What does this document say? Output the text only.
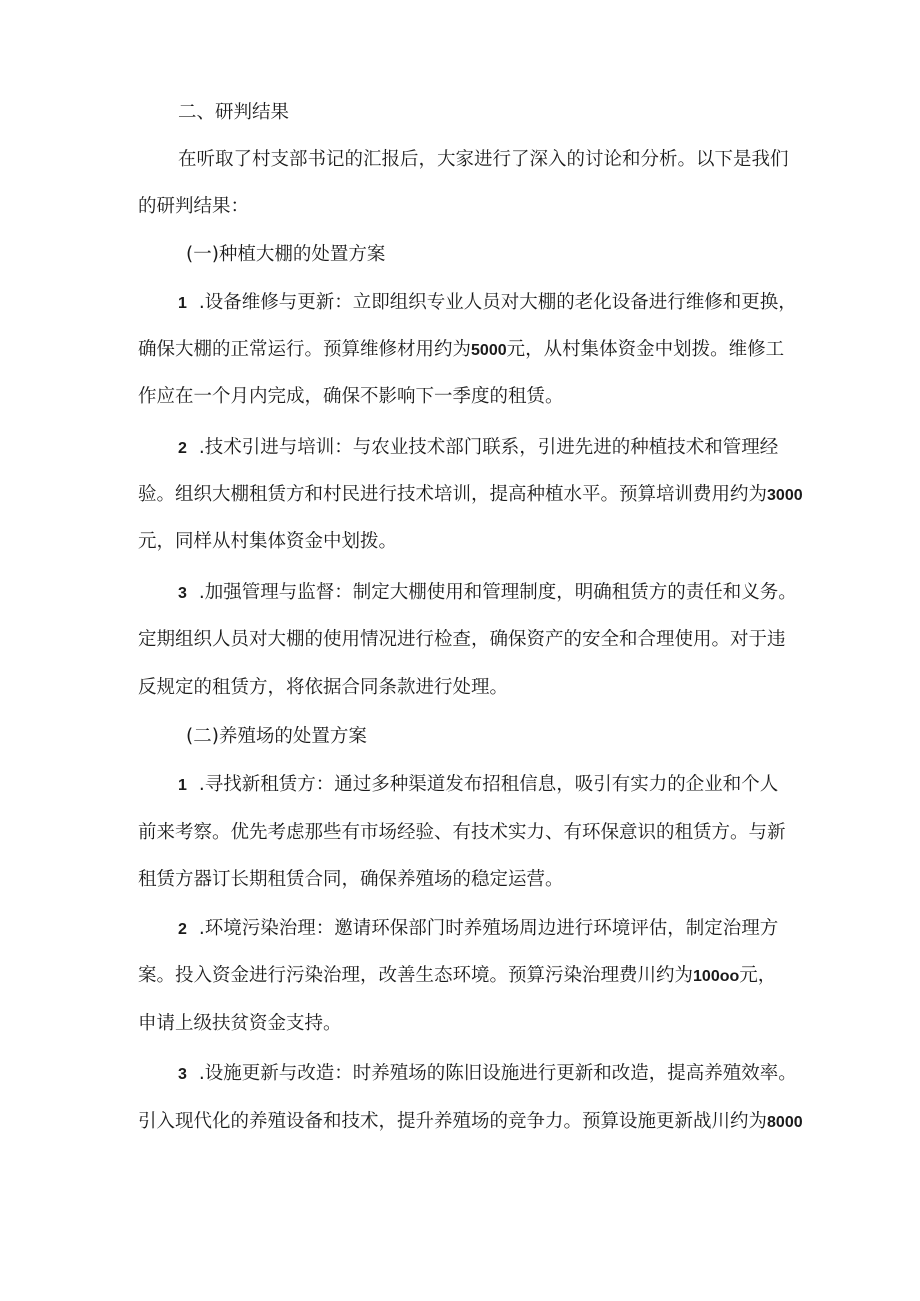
二、研判结果
在听取了村支部书记的汇报后，大家进行了深入的讨论和分析。以下是我们
的研判结果：
(一)种植大棚的处置方案
1 .设备维修与更新：立即组织专业人员对大棚的老化设备进行维修和更换，
确保大棚的正常运行。预算维修材用约为5000元，从村集体资金中划拨。维修工
作应在一个月内完成，确保不影响下一季度的租赁。
2 .技术引进与培训：与农业技术部门联系，引进先进的种植技术和管理经
验。组织大棚租赁方和村民进行技术培训，提高种植水平。预算培训费用约为3000
元，同样从村集体资金中划拨。
3 .加强管理与监督：制定大棚使用和管理制度，明确租赁方的责任和义务。
定期组织人员对大棚的使用情况进行检查，确保资产的安全和合理使用。对于违
反规定的租赁方，将依据合同条款进行处理。
(二)养殖场的处置方案
1 .寻找新租赁方：通过多种渠道发布招租信息，吸引有实力的企业和个人
前来考察。优先考虑那些有市场经验、有技术实力、有环保意识的租赁方。与新
租赁方器订长期租赁合同，确保养殖场的稳定运营。
2 .环境污染治理：邀请环保部门时养殖场周边进行环境评估，制定治理方
案。投入资金进行污染治理，改善生态环境。预算污染治理费川约为100oo元，
申请上级扶贫资金支持。
3 .设施更新与改造：时养殖场的陈旧设施进行更新和改造，提高养殖效率。
引入现代化的养殖设备和技术，提升养殖场的竞争力。预算设施更新战川约为8000
